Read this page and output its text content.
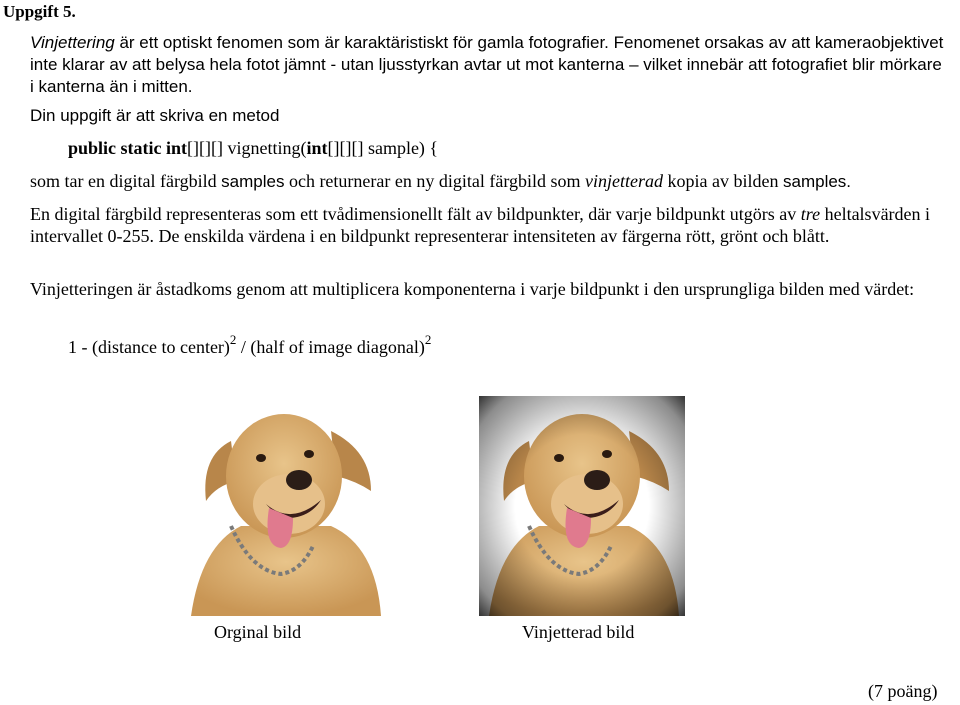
Uppgift 5.
Vinjettering är ett optiskt fenomen som är karaktäristiskt för gamla fotografier. Fenomenet orsakas av att kameraobjektivet inte klarar av att belysa hela fotot jämnt - utan ljusstyrkan avtar ut mot kanterna – vilket innebär att fotografiet blir mörkare i kanterna än i mitten.
Din uppgift är att skriva en metod
public static int[][][] vignetting(int[][][] sample) {
som tar en digital färgbild samples och returnerar en ny digital färgbild som vinjetterad kopia av bilden samples.
En digital färgbild representeras som ett tvådimensionellt fält av bildpunkter, där varje bildpunkt utgörs av tre heltalsvärden i intervallet 0-255. De enskilda värdena i en bildpunkt representerar intensiteten av färgerna rött, grönt och blått.
Vinjetteringen är åstadkoms genom att multiplicera komponenterna i varje bildpunkt i den ursprungliga bilden med värdet:
1 - (distance to center)$^2$ / (half of image diagonal)$^2$
Orginal bild	Vinjetterad bild
(7 poäng)
